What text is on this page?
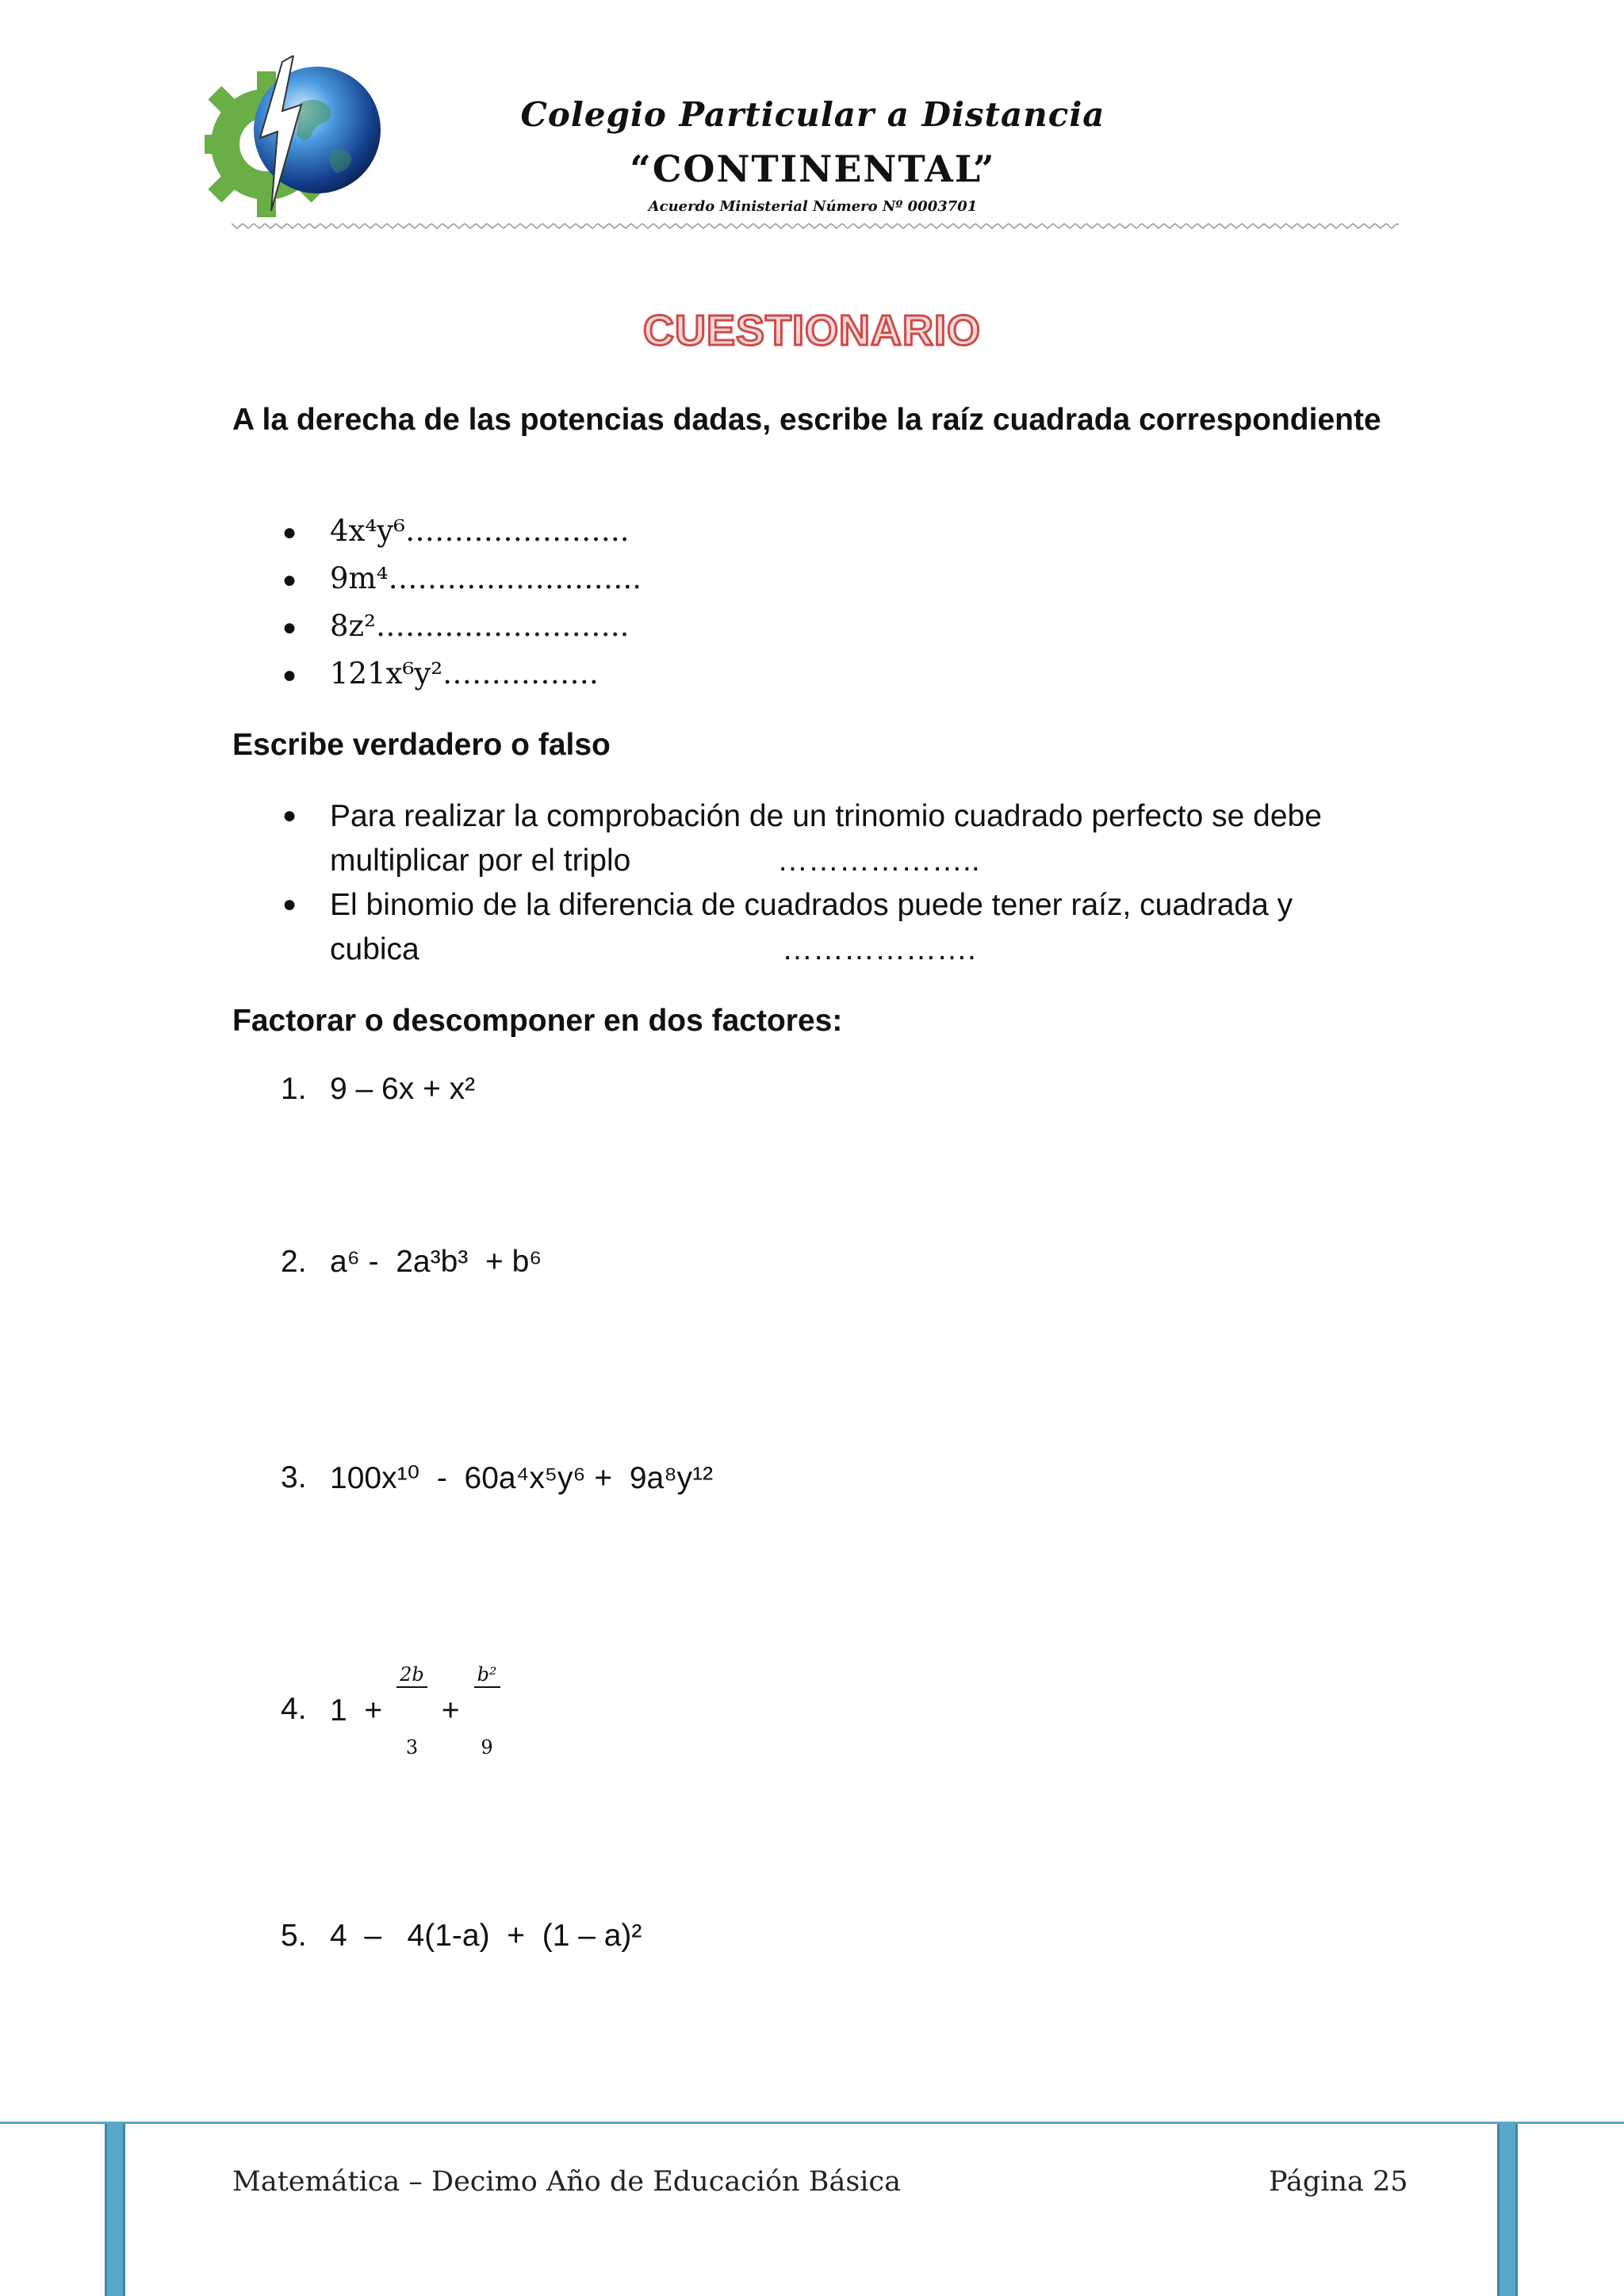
Colegio Particular a Distancia
“CONTINENTAL”
Acuerdo Ministerial Número Nº 0003701
CUESTIONARIO
A la derecha de las potencias dadas, escribe la raíz cuadrada correspondiente
● 4x⁴y⁶…………………..
● 9m⁴……………………..
● 8z²……………………..
● 121x⁶y²…………….
Escribe verdadero o falso
● Para realizar la comprobación de un trinomio cuadrado perfecto se debe
multiplicar por el triplo	………………..
● El binomio de la diferencia de cuadrados puede tener raíz, cuadrada y
cubica	……………….
Factorar o descomponer en dos factores:
1. 9 – 6x + x²
2. a⁶ -  2a³b³  + b⁶
3. 100x¹⁰  -  60a⁴x⁵y⁶ +  9a⁸y¹²
4. 1  +

$\frac{2b}{3}$

+

$\frac{\text{b²}}{9}$

5. 4  –   4(1-a)  +  (1 – a)²
Matemática – Decimo Año de Educación Básica	Página 25
